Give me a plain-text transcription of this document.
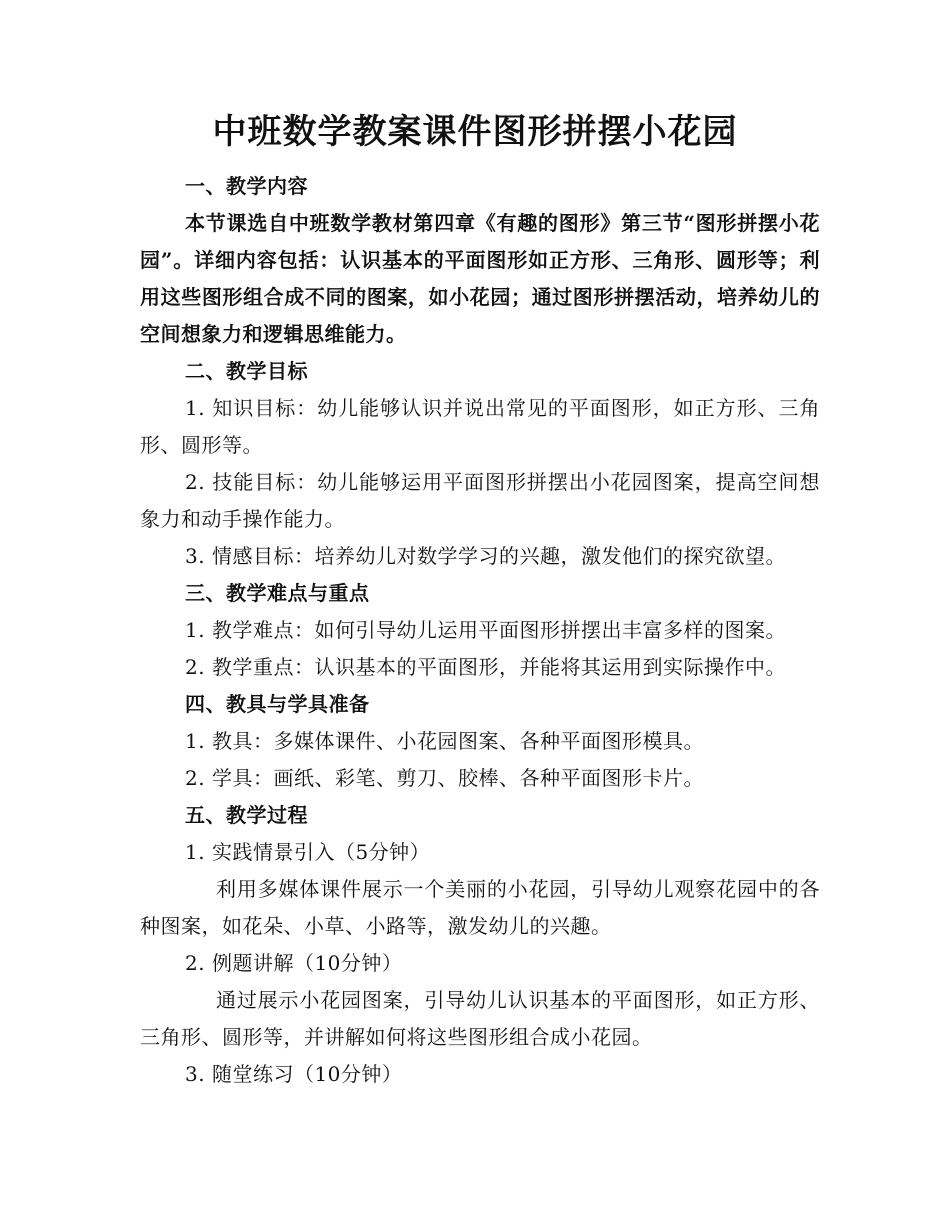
中班数学教案课件图形拼摆小花园

一、教学内容

本节课选自中班数学教材第四章《有趣的图形》第三节“图形拼摆小花园”。详细内容包括：认识基本的平面图形如正方形、三角形、圆形等；利用这些图形组合成不同的图案，如小花园；通过图形拼摆活动，培养幼儿的空间想象力和逻辑思维能力。

二、教学目标

1. 知识目标：幼儿能够认识并说出常见的平面图形，如正方形、三角形、圆形等。

2. 技能目标：幼儿能够运用平面图形拼摆出小花园图案，提高空间想象力和动手操作能力。

3. 情感目标：培养幼儿对数学学习的兴趣，激发他们的探究欲望。

三、教学难点与重点

1. 教学难点：如何引导幼儿运用平面图形拼摆出丰富多样的图案。

2. 教学重点：认识基本的平面图形，并能将其运用到实际操作中。

四、教具与学具准备

1. 教具：多媒体课件、小花园图案、各种平面图形模具。

2. 学具：画纸、彩笔、剪刀、胶棒、各种平面图形卡片。

五、教学过程

1. 实践情景引入（5分钟）

利用多媒体课件展示一个美丽的小花园，引导幼儿观察花园中的各种图案，如花朵、小草、小路等，激发幼儿的兴趣。

2. 例题讲解（10分钟）

通过展示小花园图案，引导幼儿认识基本的平面图形，如正方形、三角形、圆形等，并讲解如何将这些图形组合成小花园。

3. 随堂练习（10分钟）
